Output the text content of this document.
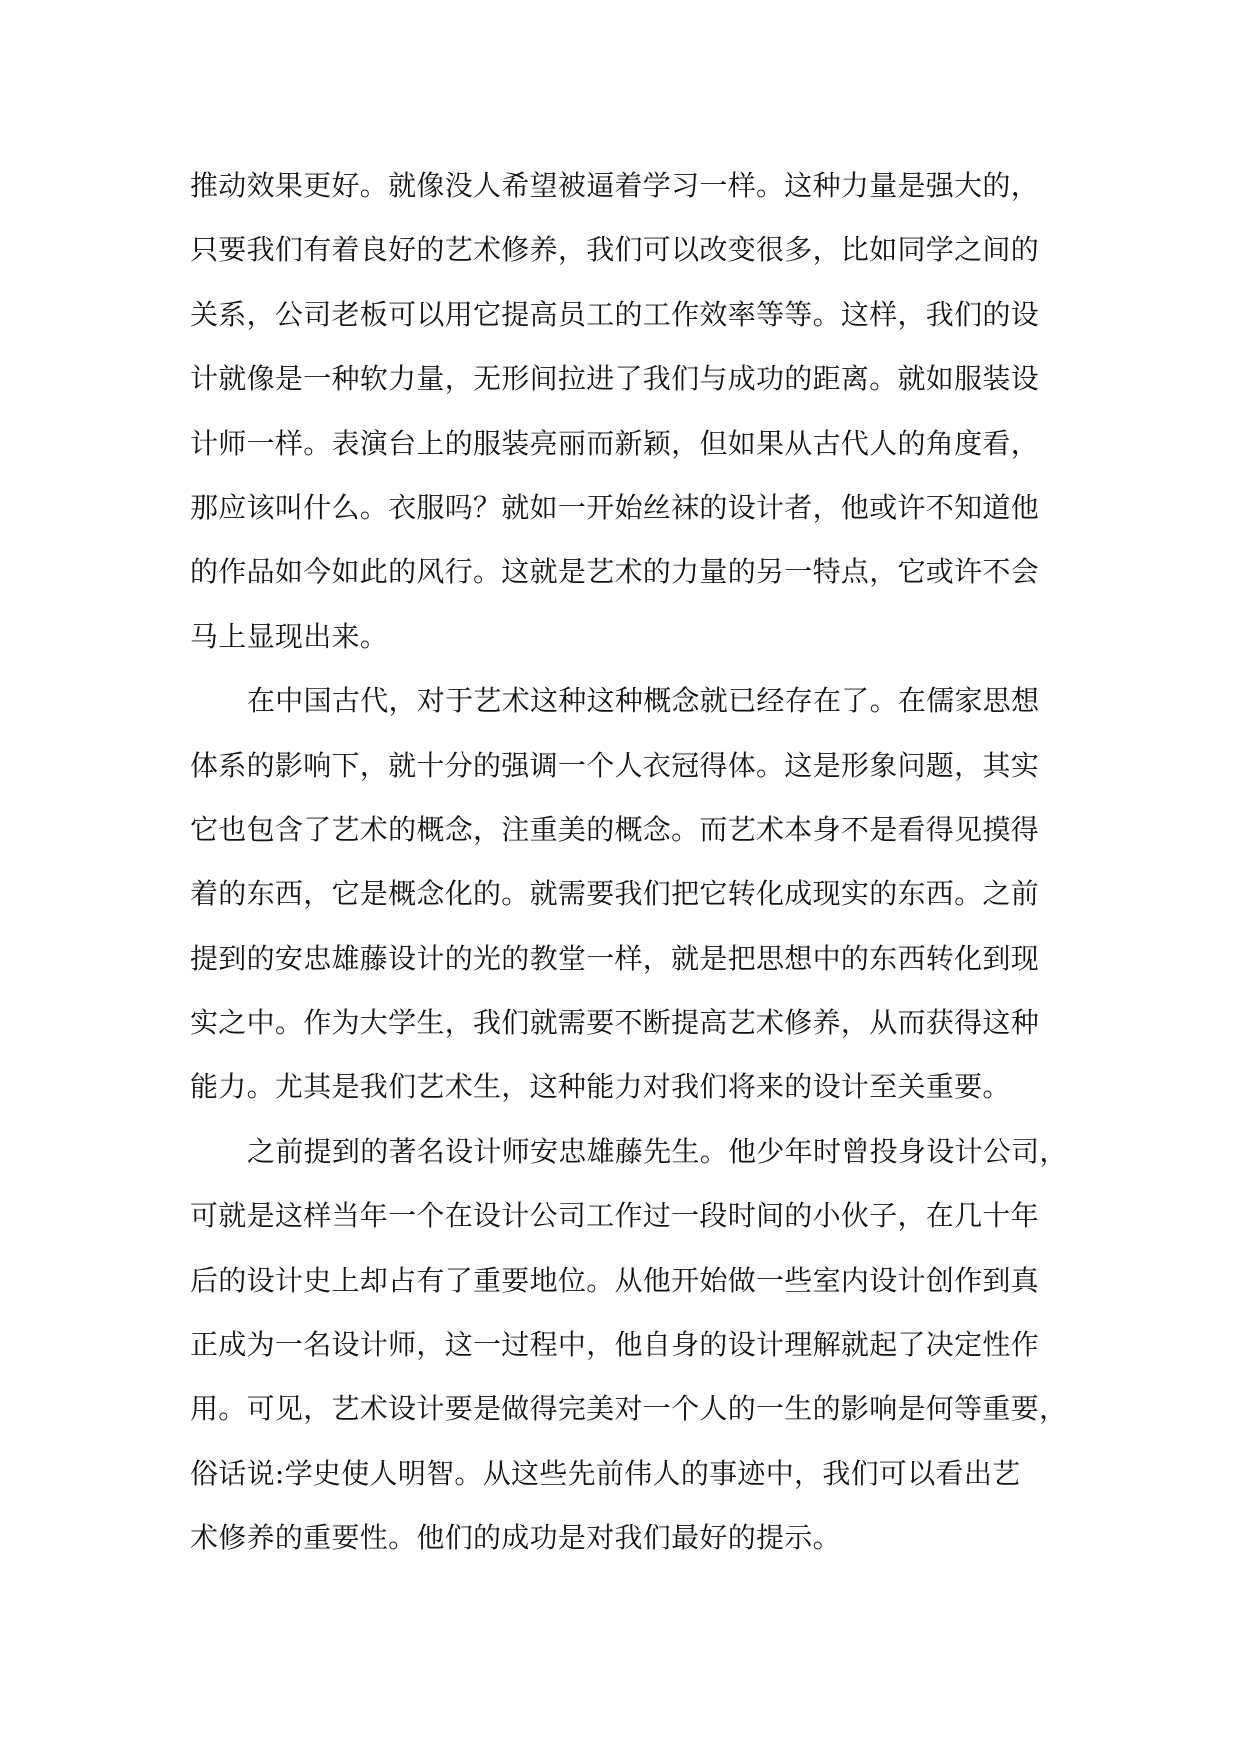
推动效果更好。就像没人希望被逼着学习一样。这种力量是强大的，
只要我们有着良好的艺术修养，我们可以改变很多，比如同学之间的
关系，公司老板可以用它提高员工的工作效率等等。这样，我们的设
计就像是一种软力量，无形间拉进了我们与成功的距离。就如服装设
计师一样。表演台上的服装亮丽而新颖，但如果从古代人的角度看，
那应该叫什么。衣服吗？就如一开始丝袜的设计者，他或许不知道他
的作品如今如此的风行。这就是艺术的力量的另一特点，它或许不会
马上显现出来。
在中国古代，对于艺术这种这种概念就已经存在了。在儒家思想
体系的影响下，就十分的强调一个人衣冠得体。这是形象问题，其实
它也包含了艺术的概念，注重美的概念。而艺术本身不是看得见摸得
着的东西，它是概念化的。就需要我们把它转化成现实的东西。之前
提到的安忠雄藤设计的光的教堂一样，就是把思想中的东西转化到现
实之中。作为大学生，我们就需要不断提高艺术修养，从而获得这种
能力。尤其是我们艺术生，这种能力对我们将来的设计至关重要。
之前提到的著名设计师安忠雄藤先生。他少年时曾投身设计公司，
可就是这样当年一个在设计公司工作过一段时间的小伙子，在几十年
后的设计史上却占有了重要地位。从他开始做一些室内设计创作到真
正成为一名设计师，这一过程中，他自身的设计理解就起了决定性作
用。可见，艺术设计要是做得完美对一个人的一生的影响是何等重要，
俗话说:学史使人明智。从这些先前伟人的事迹中，我们可以看出艺
术修养的重要性。他们的成功是对我们最好的提示。
